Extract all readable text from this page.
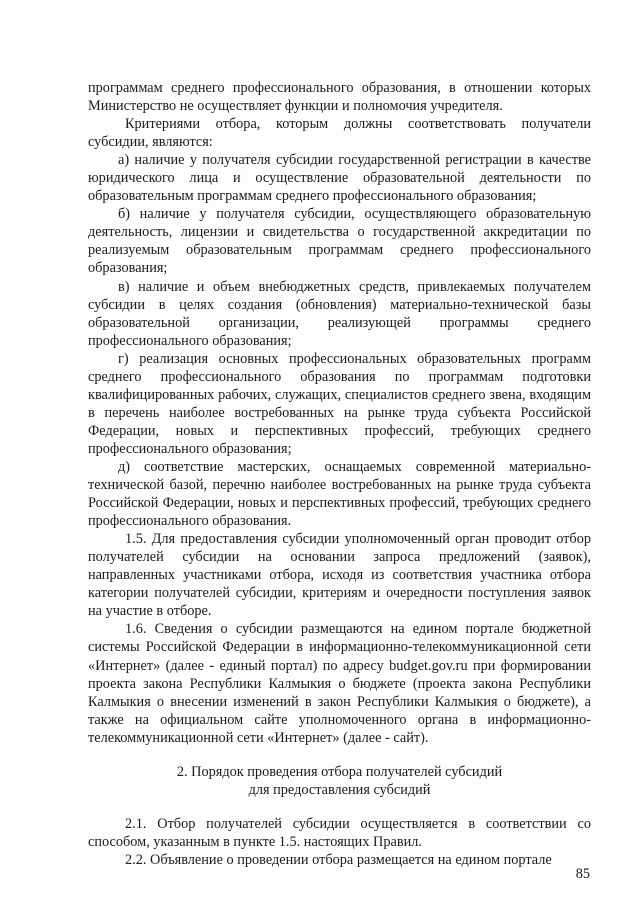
программам среднего профессионального образования, в отношении которых Министерство не осуществляет функции и полномочия учредителя.

Критериями отбора, которым должны соответствовать получатели субсидии, являются:

а) наличие у получателя субсидии государственной регистрации в качестве юридического лица и осуществление образовательной деятельности по образовательным программам среднего профессионального образования;

б) наличие у получателя субсидии, осуществляющего образовательную деятельность, лицензии и свидетельства о государственной аккредитации по реализуемым образовательным программам среднего профессионального образования;

в) наличие и объем внебюджетных средств, привлекаемых получателем субсидии в целях создания (обновления) материально-технической базы образовательной организации, реализующей программы среднего профессионального образования;

г) реализация основных профессиональных образовательных программ среднего профессионального образования по программам подготовки квалифицированных рабочих, служащих, специалистов среднего звена, входящим в перечень наиболее востребованных на рынке труда субъекта Российской Федерации, новых и перспективных профессий, требующих среднего профессионального образования;

д) соответствие мастерских, оснащаемых современной материально-технической базой, перечню наиболее востребованных на рынке труда субъекта Российской Федерации, новых и перспективных профессий, требующих среднего профессионального образования.

1.5. Для предоставления субсидии уполномоченный орган проводит отбор получателей субсидии на основании запроса предложений (заявок), направленных участниками отбора, исходя из соответствия участника отбора категории получателей субсидии, критериям и очередности поступления заявок на участие в отборе.

1.6. Сведения о субсидии размещаются на едином портале бюджетной системы Российской Федерации в информационно-телекоммуникационной сети «Интернет» (далее - единый портал) по адресу budget.gov.ru при формировании проекта закона Республики Калмыкия о бюджете (проекта закона Республики Калмыкия о внесении изменений в закон Республики Калмыкия о бюджете), а также на официальном сайте уполномоченного органа в информационно-телекоммуникационной сети «Интернет» (далее - сайт).

2. Порядок проведения отбора получателей субсидий
для предоставления субсидий

2.1. Отбор получателей субсидии осуществляется в соответствии со способом, указанным в пункте 1.5. настоящих Правил.

2.2. Объявление о проведении отбора размещается на едином портале

85
